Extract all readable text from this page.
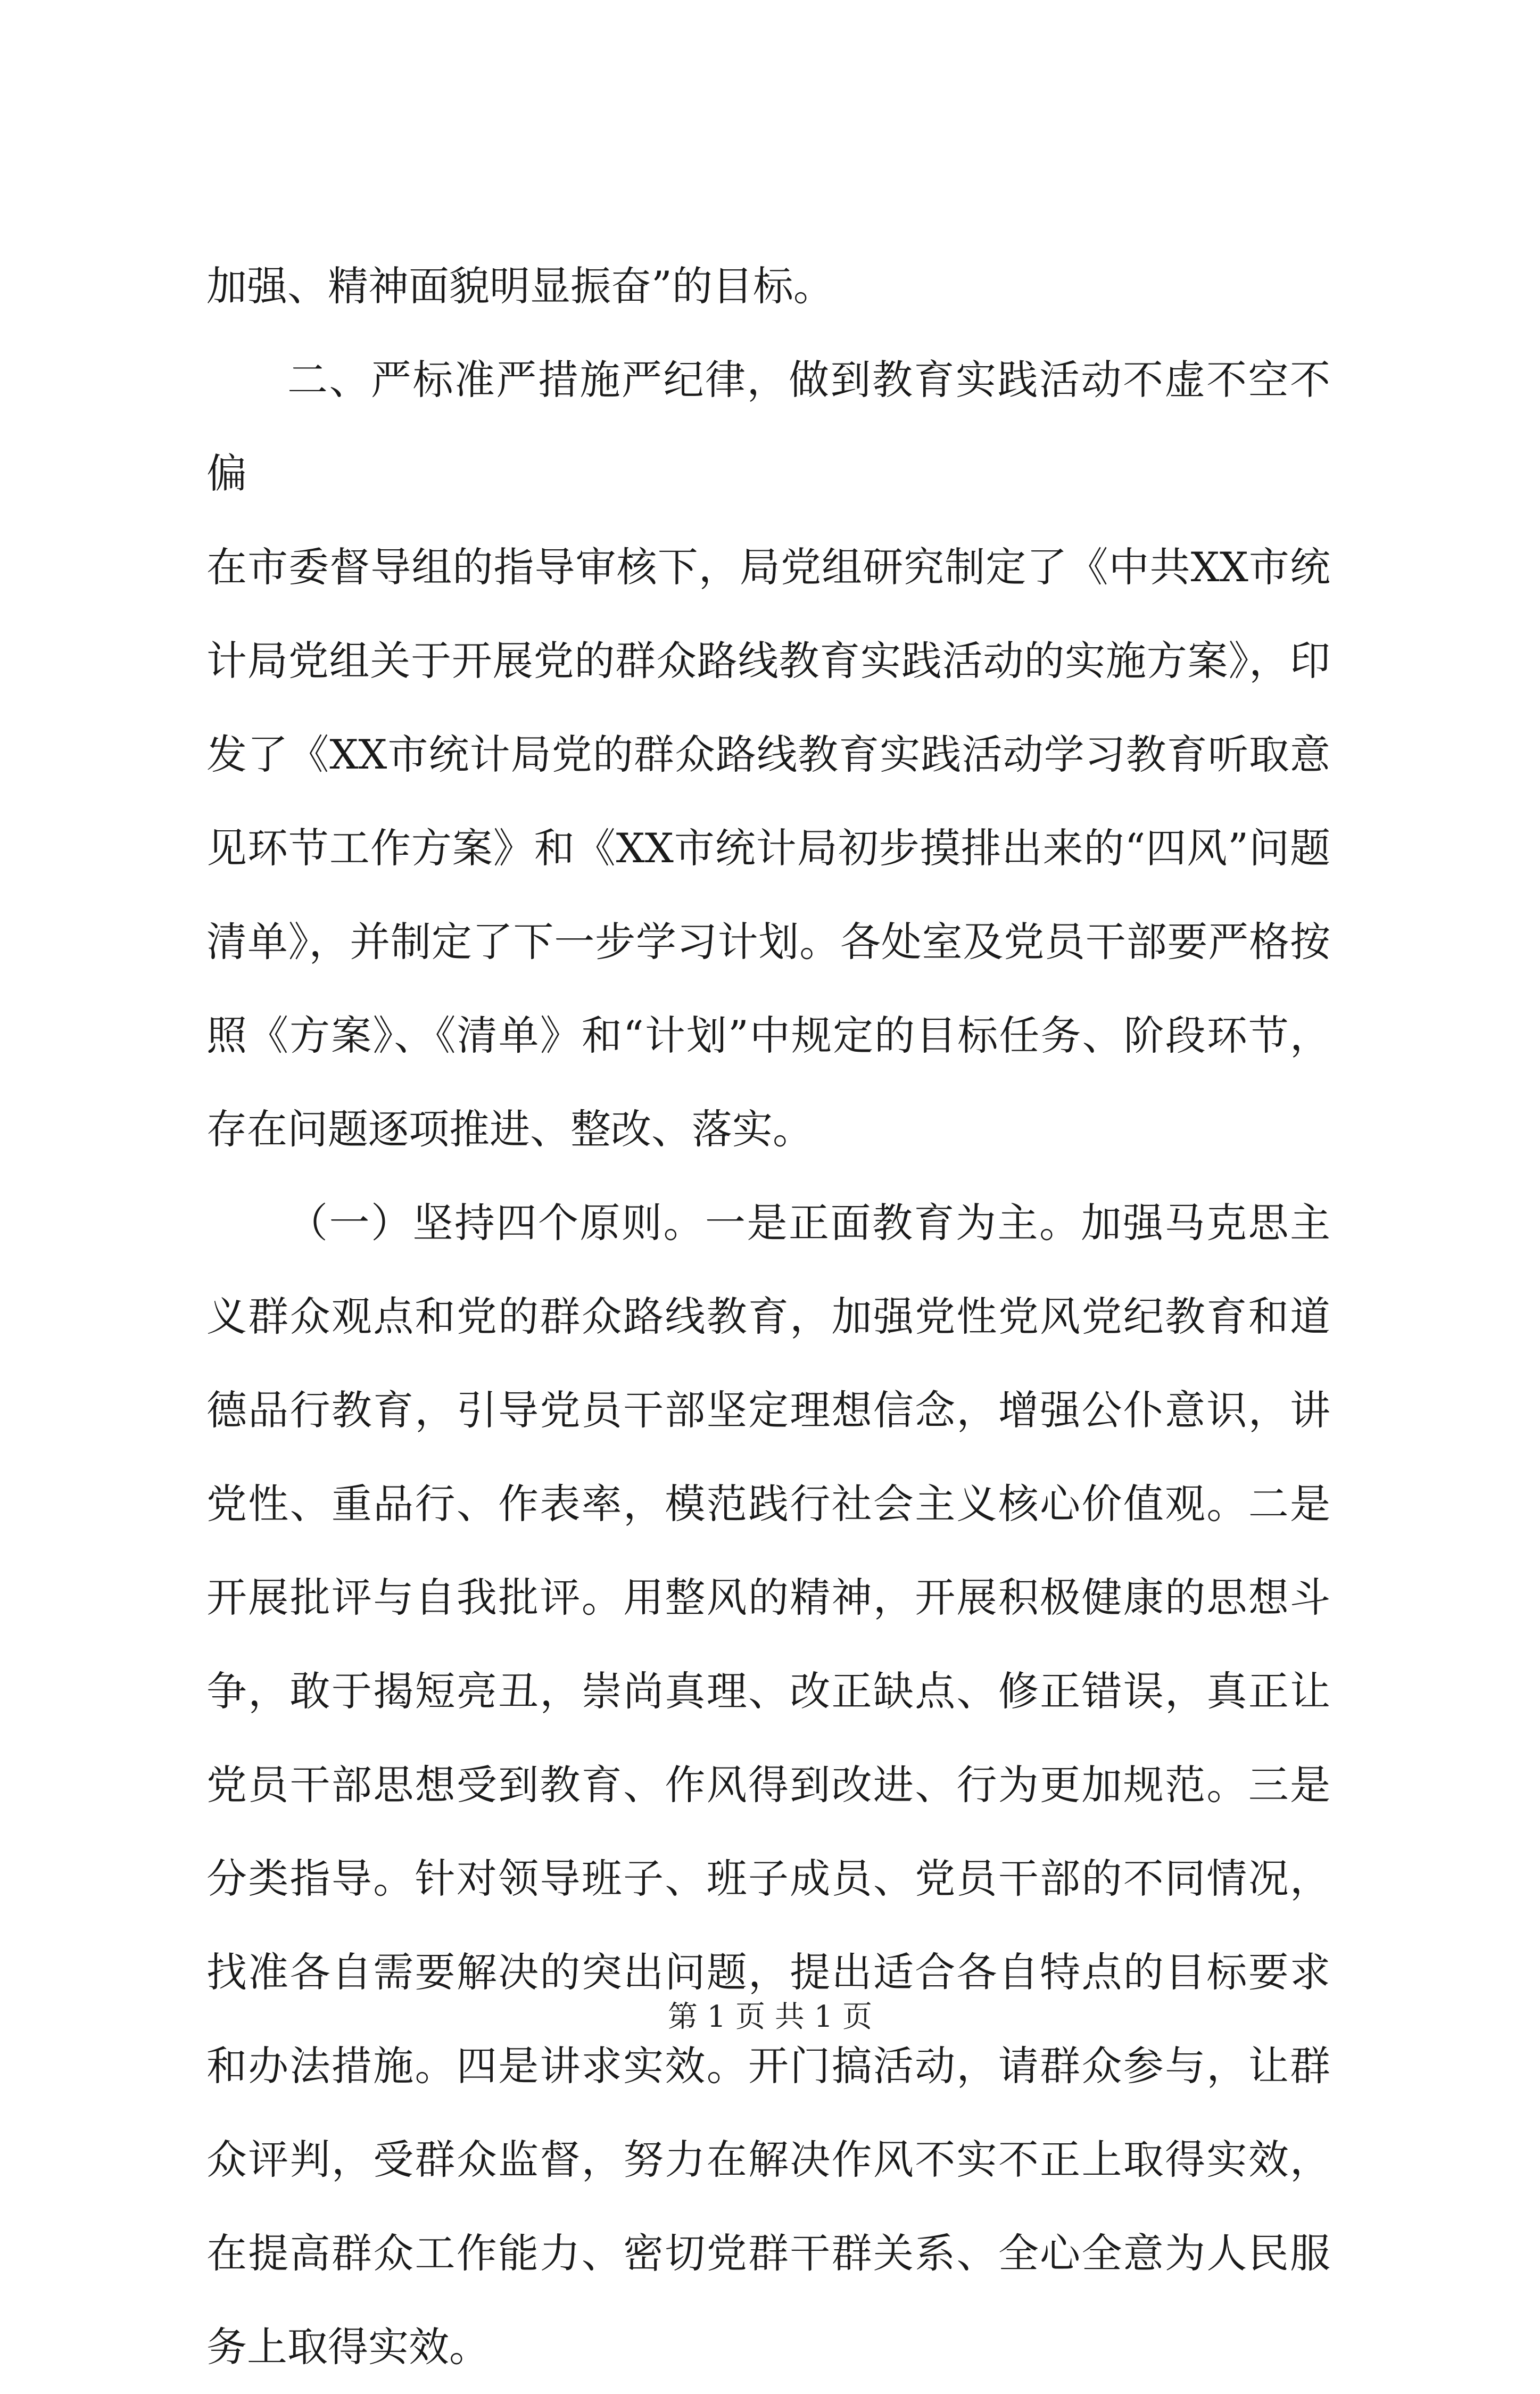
加强、精神面貌明显振奋”的目标。

二、严标准严措施严纪律，做到教育实践活动不虚不空不偏

在市委督导组的指导审核下，局党组研究制定了《中共XX市统计局党组关于开展党的群众路线教育实践活动的实施方案》，印发了《XX市统计局党的群众路线教育实践活动学习教育听取意见环节工作方案》和《XX市统计局初步摸排出来的“四风”问题清单》，并制定了下一步学习计划。各处室及党员干部要严格按照《方案》、《清单》和“计划”中规定的目标任务、阶段环节，存在问题逐项推进、整改、落实。

（一）坚持四个原则。一是正面教育为主。加强马克思主义群众观点和党的群众路线教育，加强党性党风党纪教育和道德品行教育，引导党员干部坚定理想信念，增强公仆意识，讲党性、重品行、作表率，模范践行社会主义核心价值观。二是开展批评与自我批评。用整风的精神，开展积极健康的思想斗争，敢于揭短亮丑，崇尚真理、改正缺点、修正错误，真正让党员干部思想受到教育、作风得到改进、行为更加规范。三是分类指导。针对领导班子、班子成员、党员干部的不同情况，找准各自需要解决的突出问题，提出适合各自特点的目标要求和办法措施。四是讲求实效。开门搞活动，请群众参与，让群众评判，受群众监督，努力在解决作风不实不正上取得实效，在提高群众工作能力、密切党群干群关系、全心全意为人民服务上取得实效。

第 1 页 共 1 页
